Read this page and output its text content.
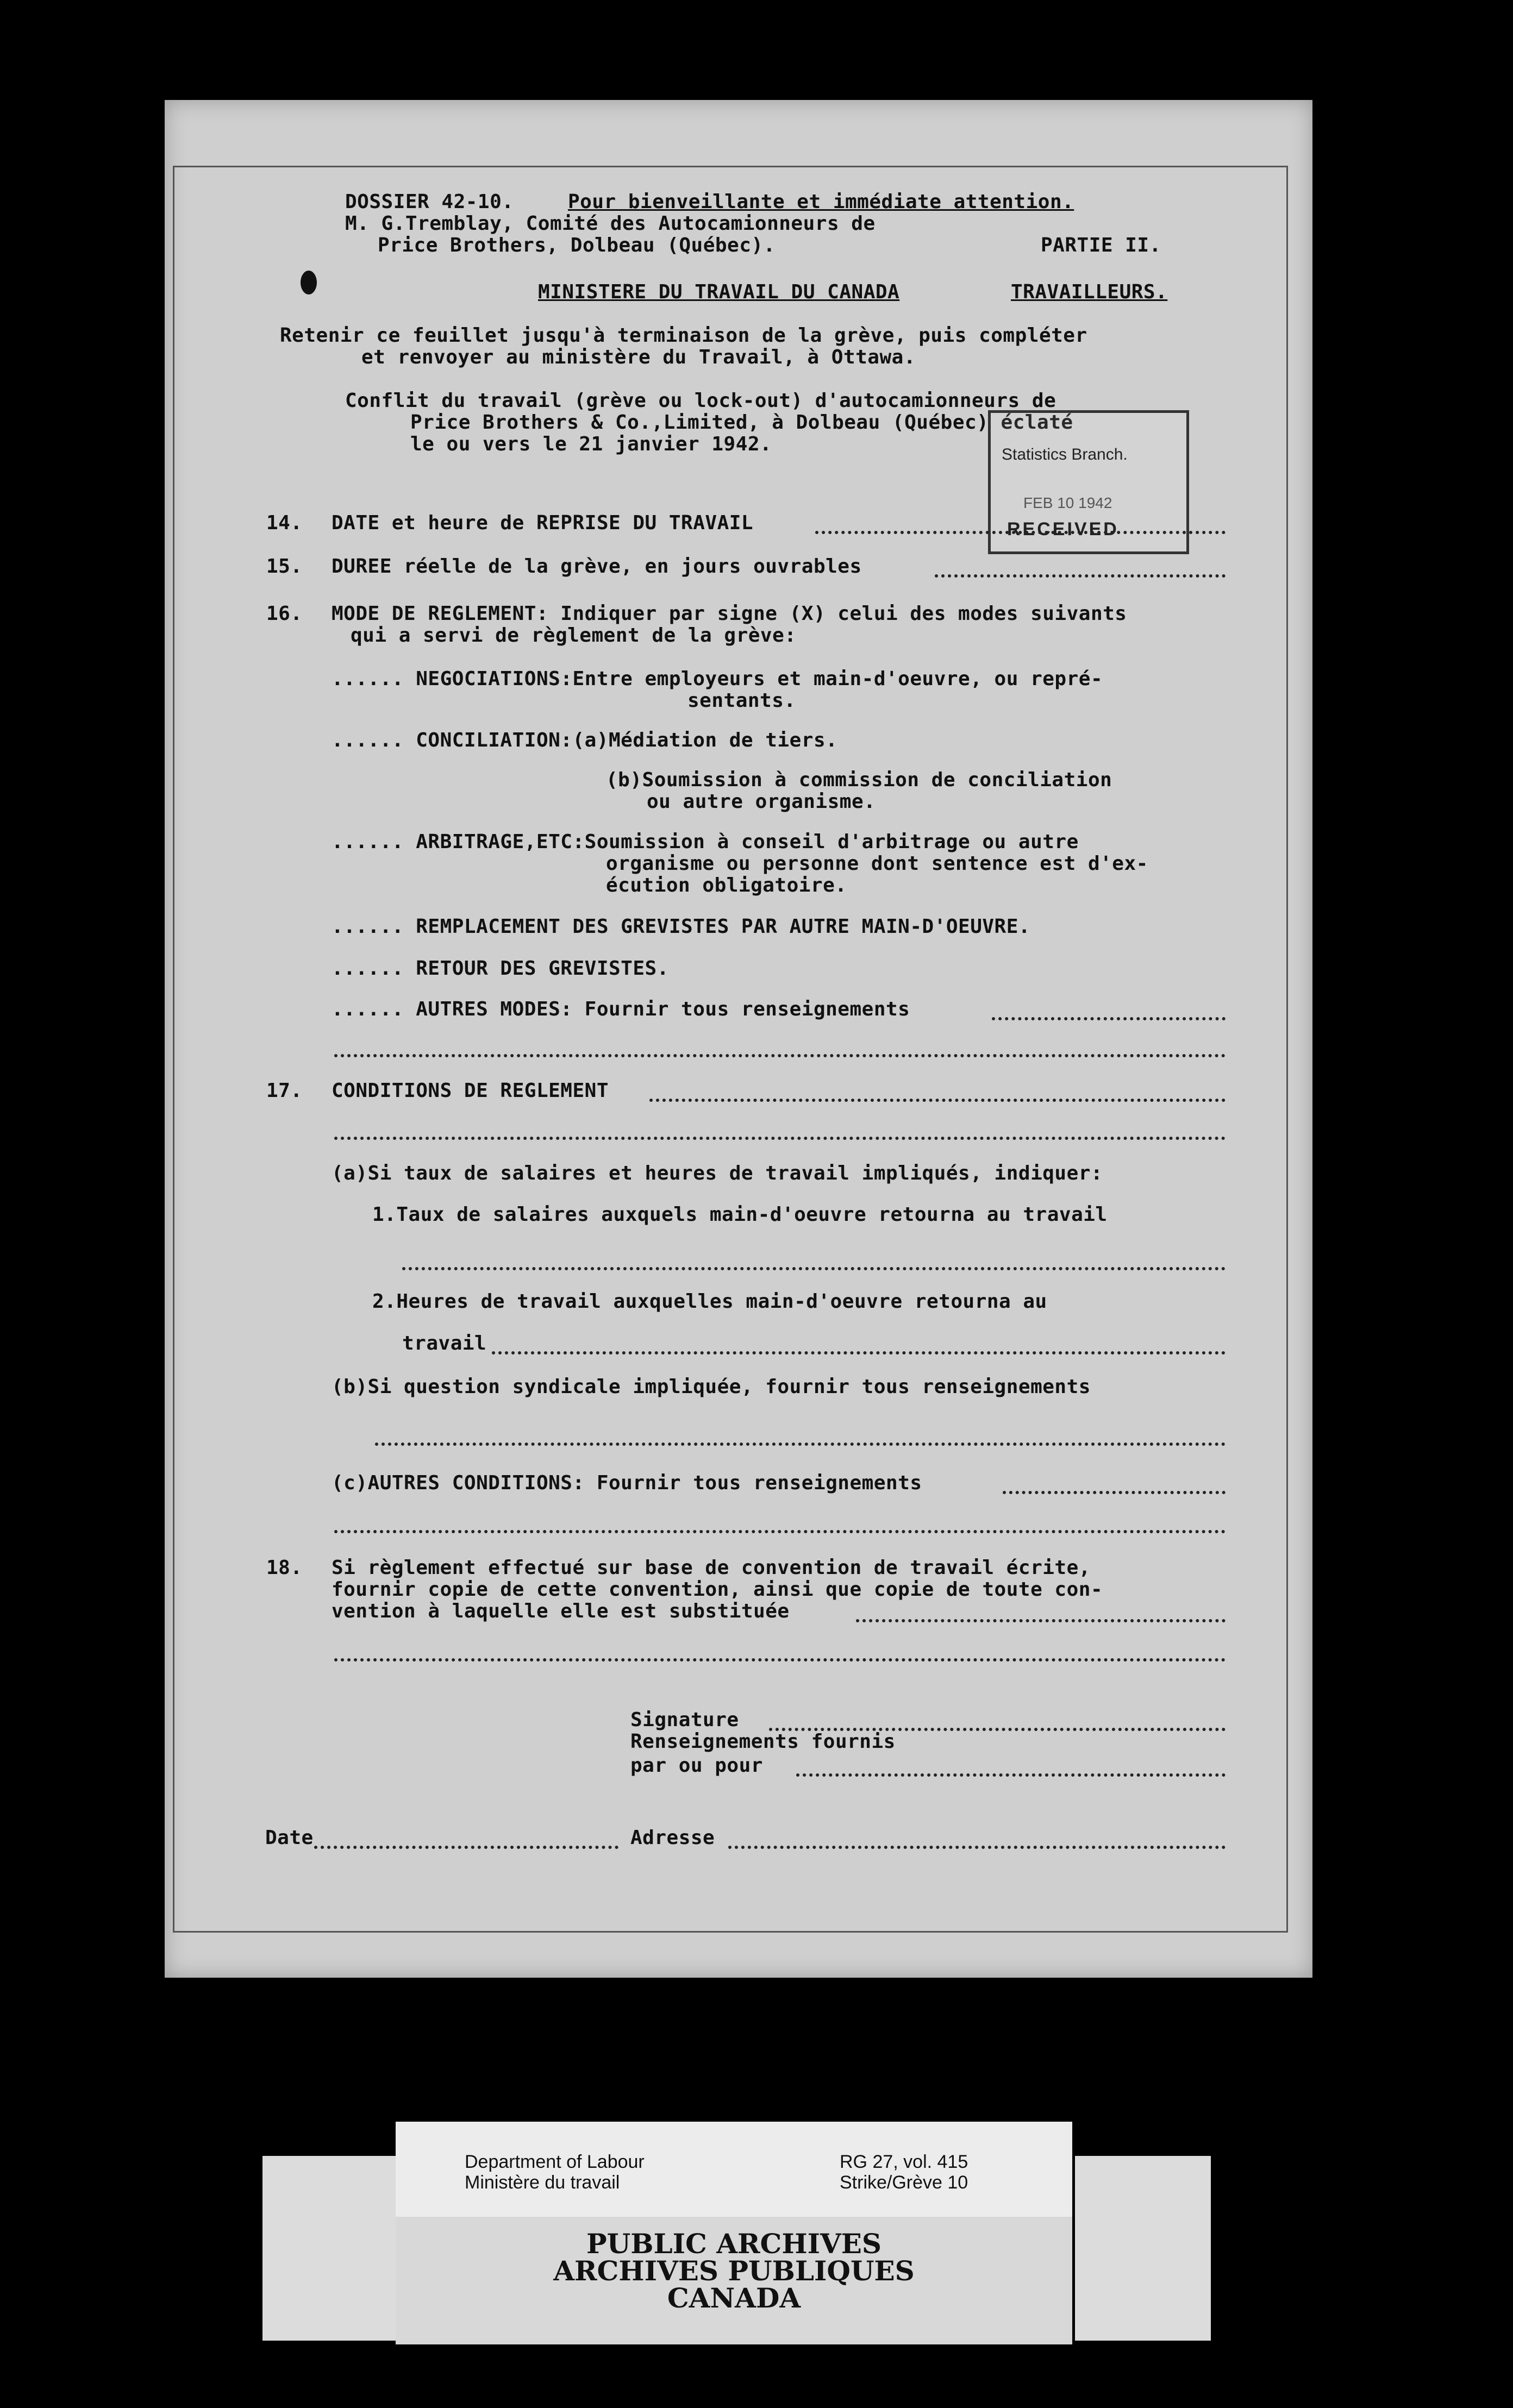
DOSSIER 42-10.	Pour bienveillante et immédiate attention.
M. G.Tremblay, Comité des Autocamionneurs de
Price Brothers, Dolbeau (Québec).	PARTIE II.
MINISTERE DU TRAVAIL DU CANADA	TRAVAILLEURS.
Retenir ce feuillet jusqu'à terminaison de la grève, puis compléter
et renvoyer au ministère du Travail, à Ottawa.
Conflit du travail (grève ou lock-out) d'autocamionneurs de
Price Brothers & Co.,Limited, à Dolbeau (Québec) éclaté
le ou vers le 21 janvier 1942.	Statistics Branch.
FEB 10 1942
RECEIVED
14. DATE et heure de REPRISE DU TRAVAIL
15. DUREE réelle de la grève, en jours ouvrables
16. MODE DE REGLEMENT: Indiquer par signe (X) celui des modes suivants
qui a servi de règlement de la grève:
...... NEGOCIATIONS:Entre employeurs et main-d'oeuvre, ou repré-
sentants.
...... CONCILIATION:(a)Médiation de tiers.
(b)Soumission à commission de conciliation
ou autre organisme.
...... ARBITRAGE,ETC:Soumission à conseil d'arbitrage ou autre
organisme ou personne dont sentence est d'ex-
écution obligatoire.
...... REMPLACEMENT DES GREVISTES PAR AUTRE MAIN-D'OEUVRE.
...... RETOUR DES GREVISTES.
...... AUTRES MODES: Fournir tous renseignements
17. CONDITIONS DE REGLEMENT
(a)Si taux de salaires et heures de travail impliqués, indiquer:
1.Taux de salaires auxquels main-d'oeuvre retourna au travail
2.Heures de travail auxquelles main-d'oeuvre retourna au
travail
(b)Si question syndicale impliquée, fournir tous renseignements
(c)AUTRES CONDITIONS: Fournir tous renseignements
18. Si règlement effectué sur base de convention de travail écrite,
fournir copie de cette convention, ainsi que copie de toute con-
vention à laquelle elle est substituée
Signature
Renseignements fournis
par ou pour
Date	Adresse
Department of Labour
Ministère du travail
RG 27, vol. 415
Strike/Grève 10
PUBLIC ARCHIVES
ARCHIVES PUBLIQUES
CANADA
